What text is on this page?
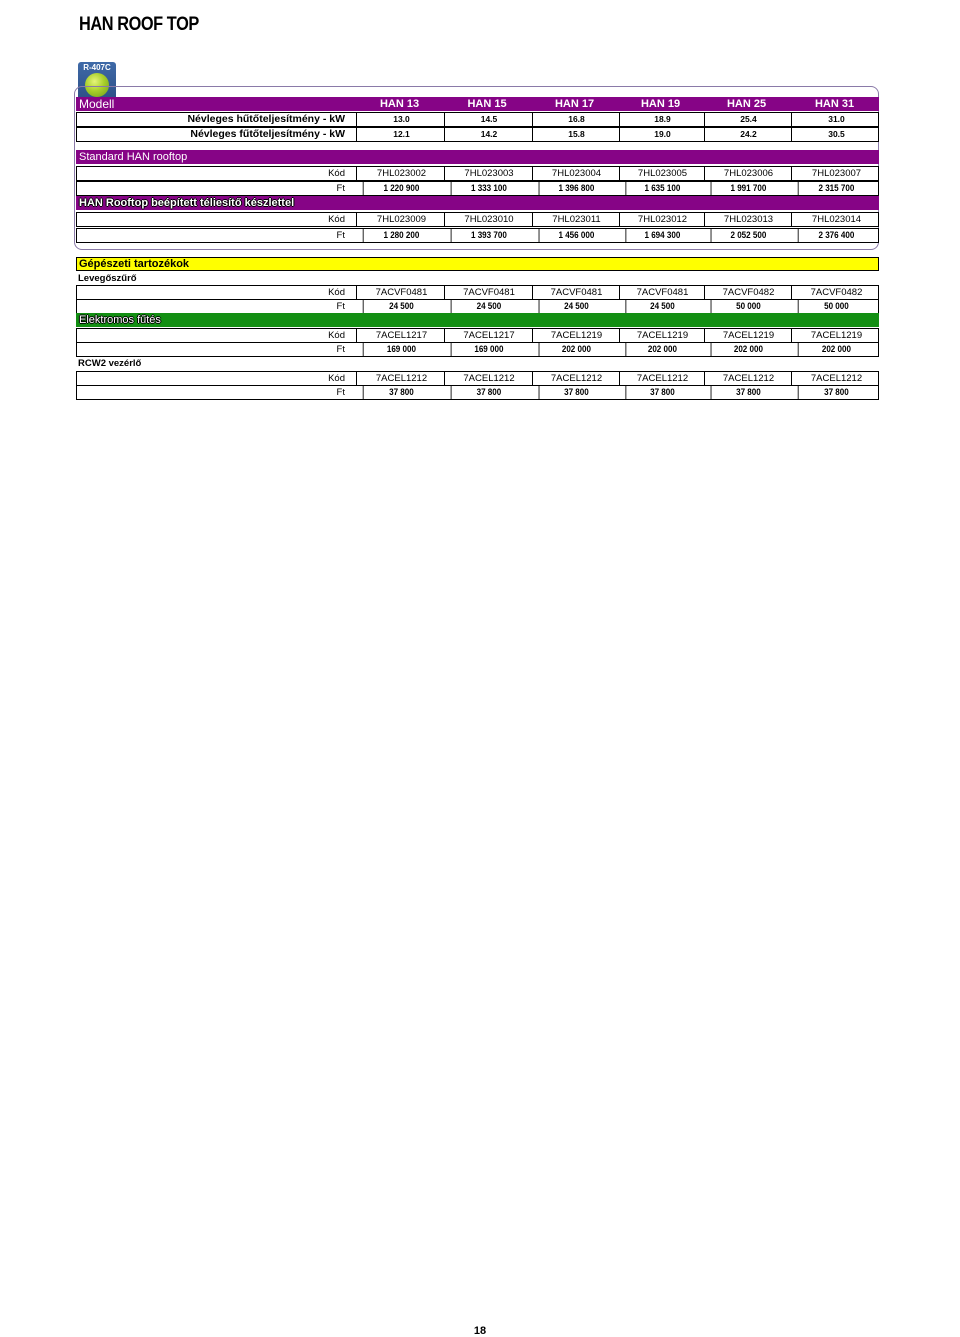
HAN ROOF TOP
R-407C
Modell	HAN 13	HAN 15	HAN 17	HAN 19	HAN 25	HAN 31
Névleges hűtőteljesítmény - kW	13.0	14.5	16.8	18.9	25.4	31.0
Névleges fűtőteljesítmény - kW	12.1	14.2	15.8	19.0	24.2	30.5
Standard HAN rooftop
Kód	7HL023002	7HL023003	7HL023004	7HL023005	7HL023006	7HL023007
Ft	1 220 900	1 333 100	1 396 800	1 635 100	1 991 700	2 315 700
HAN Rooftop beépített téliesítő készlettel
Kód	7HL023009	7HL023010	7HL023011	7HL023012	7HL023013	7HL023014
Ft	1 280 200	1 393 700	1 456 000	1 694 300	2 052 500	2 376 400
Gépészeti tartozékok
Levegőszűrő
Kód	7ACVF0481	7ACVF0481	7ACVF0481	7ACVF0481	7ACVF0482	7ACVF0482
Ft	24 500	24 500	24 500	24 500	50 000	50 000
Elektromos fűtés
Kód	7ACEL1217	7ACEL1217	7ACEL1219	7ACEL1219	7ACEL1219	7ACEL1219
Ft	169 000	169 000	202 000	202 000	202 000	202 000
RCW2 vezérlő
Kód	7ACEL1212	7ACEL1212	7ACEL1212	7ACEL1212	7ACEL1212	7ACEL1212
Ft	37 800	37 800	37 800	37 800	37 800	37 800
18
